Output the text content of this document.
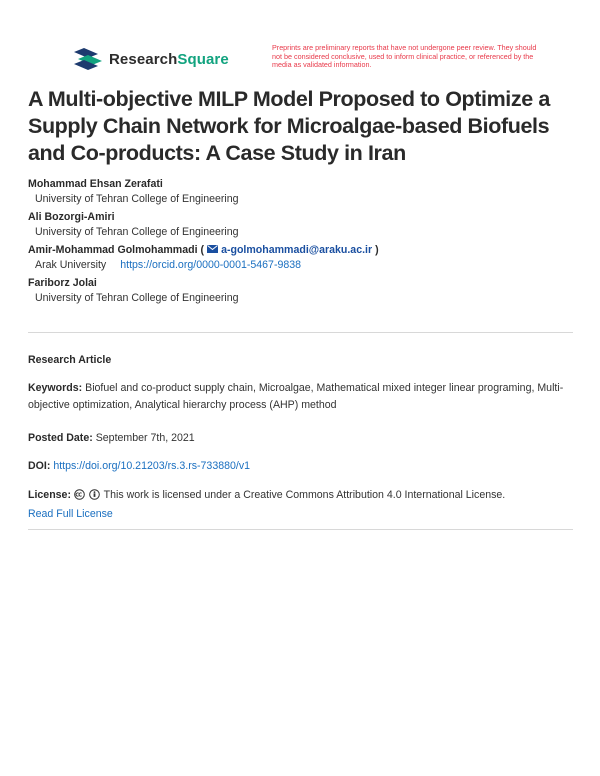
ResearchSquare
Preprints are preliminary reports that have not undergone peer review. They should not be considered conclusive, used to inform clinical practice, or referenced by the media as validated information.
A Multi-objective MILP Model Proposed to Optimize a Supply Chain Network for Microalgae-based Biofuels and Co-products: A Case Study in Iran
Mohammad Ehsan Zerafati
University of Tehran College of Engineering
Ali Bozorgi-Amiri
University of Tehran College of Engineering
Amir-Mohammad Golmohammadi ( a-golmohammadi@araku.ac.ir )
Arak University https://orcid.org/0000-0001-5467-9838
Fariborz Jolai
University of Tehran College of Engineering
Research Article
Keywords: Biofuel and co-product supply chain, Microalgae, Mathematical mixed integer linear programing, Multi-objective optimization, Analytical hierarchy process (AHP) method
Posted Date: September 7th, 2021
DOI: https://doi.org/10.21203/rs.3.rs-733880/v1
License:	This work is licensed under a Creative Commons Attribution 4.0 International License.
Read Full License
